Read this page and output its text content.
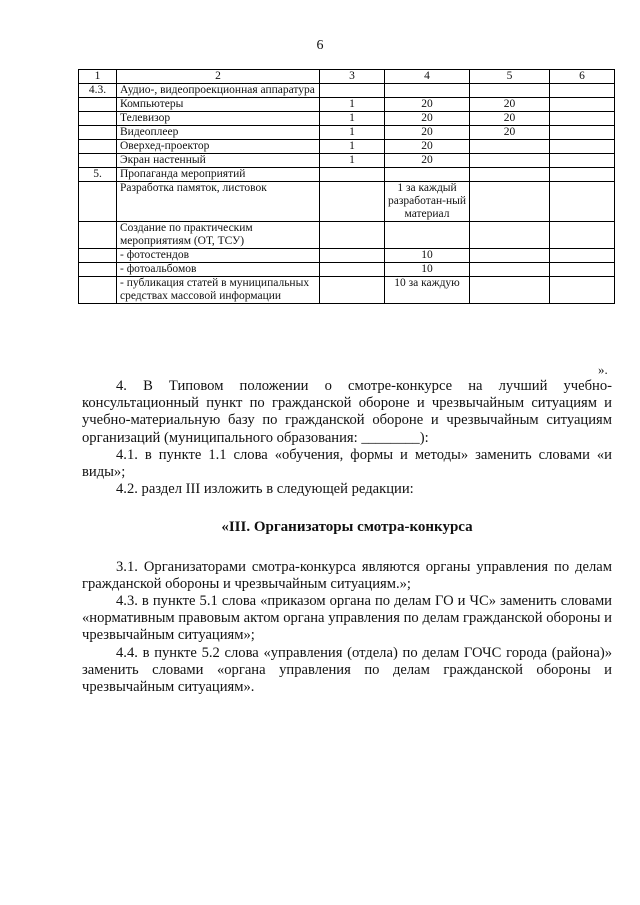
6
1	2	3	4	5	6
4.3.	Аудио-, видеопроекционная аппаратура				
	Компьютеры	1	20	20	
	Телевизор	1	20	20	
	Видеоплеер	1	20	20	
	Оверхед-проектор	1	20		
	Экран настенный	1	20		
5.	Пропаганда мероприятий				
	Разработка памяток, листовок		1 за каждый разработан-ный материал		
	Создание по практическим мероприятиям (ОТ, ТСУ)				
	- фотостендов		10		
	- фотоальбомов		10		
	- публикация статей в муниципальных средствах массовой информации		10 за каждую		
».

4. В Типовом положении о смотре-конкурсе на лучший учебно-консультационный пункт по гражданской обороне и чрезвычайным ситуациям и учебно-материальную базу по гражданской обороне и чрезвычайным ситуациям организаций (муниципального образования: ________):

4.1. в пункте 1.1 слова «обучения, формы и методы» заменить словами «и виды»;

4.2. раздел III изложить в следующей редакции:

«III. Организаторы смотра-конкурса

3.1. Организаторами смотра-конкурса являются органы управления по делам гражданской обороны и чрезвычайным ситуациям.»;

4.3. в пункте 5.1 слова «приказом органа по делам ГО и ЧС» заменить словами «нормативным правовым актом органа управления по делам гражданской обороны и чрезвычайным ситуациям»;

4.4. в пункте 5.2 слова «управления (отдела) по делам ГОЧС города (района)» заменить словами «органа управления по делам гражданской обороны и чрезвычайным ситуациям».
